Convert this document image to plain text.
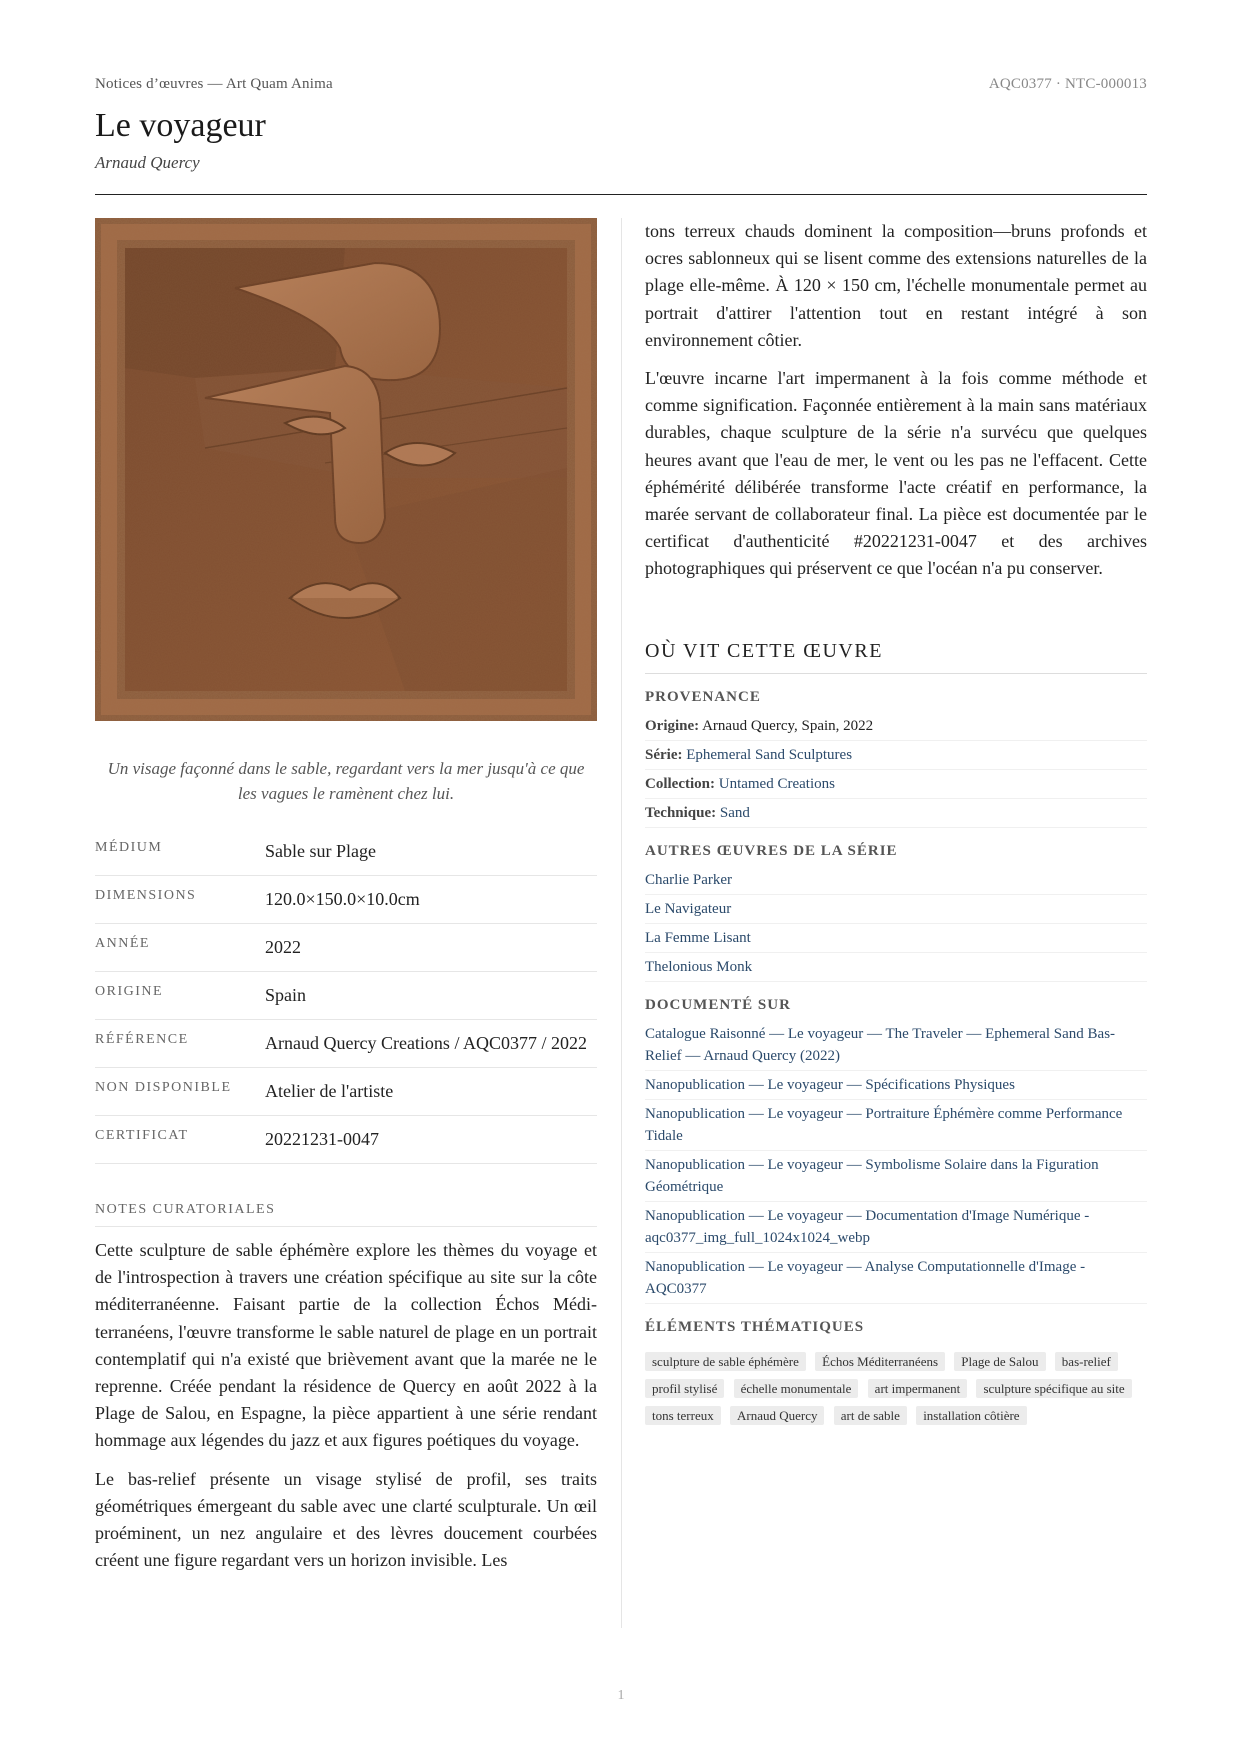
Notices d’œuvres — Art Quam Anima	AQC0377 · NTC-000013
Le voyageur
Arnaud Quercy
Un visage façonné dans le sable, regardant vers la mer jusqu'à ce que les vagues le ramènent chez lui.
MÉDIUM	Sable sur Plage
DIMENSIONS	120.0×150.0×10.0cm
ANNÉE	2022
ORIGINE	Spain
RÉFÉRENCE	Arnaud Quercy Creations / AQC0377 / 2022
NON DISPONIBLE	Atelier de l'artiste
CERTIFICAT	20221231-0047
NOTES CURATORIALES

Cette sculpture de sable éphémère explore les thèmes du voyage et de l'introspection à travers une création spécifique au site sur la côte méditerranéenne. Faisant partie de la collection Échos Méditerranéens, l'œuvre transforme le sable naturel de plage en un portrait contemplatif qui n'a existé que brièvement avant que la marée ne le reprenne. Créée pendant la résidence de Quercy en août 2022 à la Plage de Salou, en Espagne, la pièce appartient à une série rendant hommage aux légendes du jazz et aux figures poétiques du voyage.

Le bas-relief présente un visage stylisé de profil, ses traits géométriques émergeant du sable avec une clarté sculpturale. Un œil proéminent, un nez angulaire et des lèvres doucement courbées créent une figure regardant vers un horizon invisible. Les

tons terreux chauds dominent la composition—bruns profonds et ocres sablonneux qui se lisent comme des extensions naturelles de la plage elle-même. À 120 × 150 cm, l'échelle monumentale permet au portrait d'attirer l'attention tout en restant intégré à son environnement côtier.

L'œuvre incarne l'art impermanent à la fois comme méthode et comme signification. Façonnée entièrement à la main sans matériaux durables, chaque sculpture de la série n'a survécu que quelques heures avant que l'eau de mer, le vent ou les pas ne l'effacent. Cette éphémérité délibérée transforme l'acte créatif en performance, la marée servant de collaborateur final. La pièce est documentée par le certificat d'authenticité #20221231-0047 et des archives photographiques qui préservent ce que l'océan n'a pu conserver.

OÙ VIT CETTE ŒUVRE
PROVENANCE
Origine: Arnaud Quercy, Spain, 2022
Série: Ephemeral Sand Sculptures
Collection: Untamed Creations
Technique: Sand
AUTRES ŒUVRES DE LA SÉRIE
Charlie Parker
Le Navigateur
La Femme Lisant
Thelonious Monk
DOCUMENTÉ SUR
Catalogue Raisonné — Le voyageur — The Traveler — Ephemeral Sand Bas-Relief — Arnaud Quercy (2022)
Nanopublication — Le voyageur — Spécifications Physiques
Nanopublication — Le voyageur — Portraiture Éphémère comme Performance Tidale
Nanopublication — Le voyageur — Symbolisme Solaire dans la Figuration Géométrique
Nanopublication — Le voyageur — Documentation d'Image Numérique - aqc0377_img_full_1024x1024_webp
Nanopublication — Le voyageur — Analyse Computationnelle d'Image - AQC0377
ÉLÉMENTS THÉMATIQUES
sculpture de sable éphémère Échos Méditerranéens Plage de Salou bas-relief profil stylisé échelle monumentale art impermanent sculpture spécifique au site tons terreux Arnaud Quercy art de sable installation côtière
1
